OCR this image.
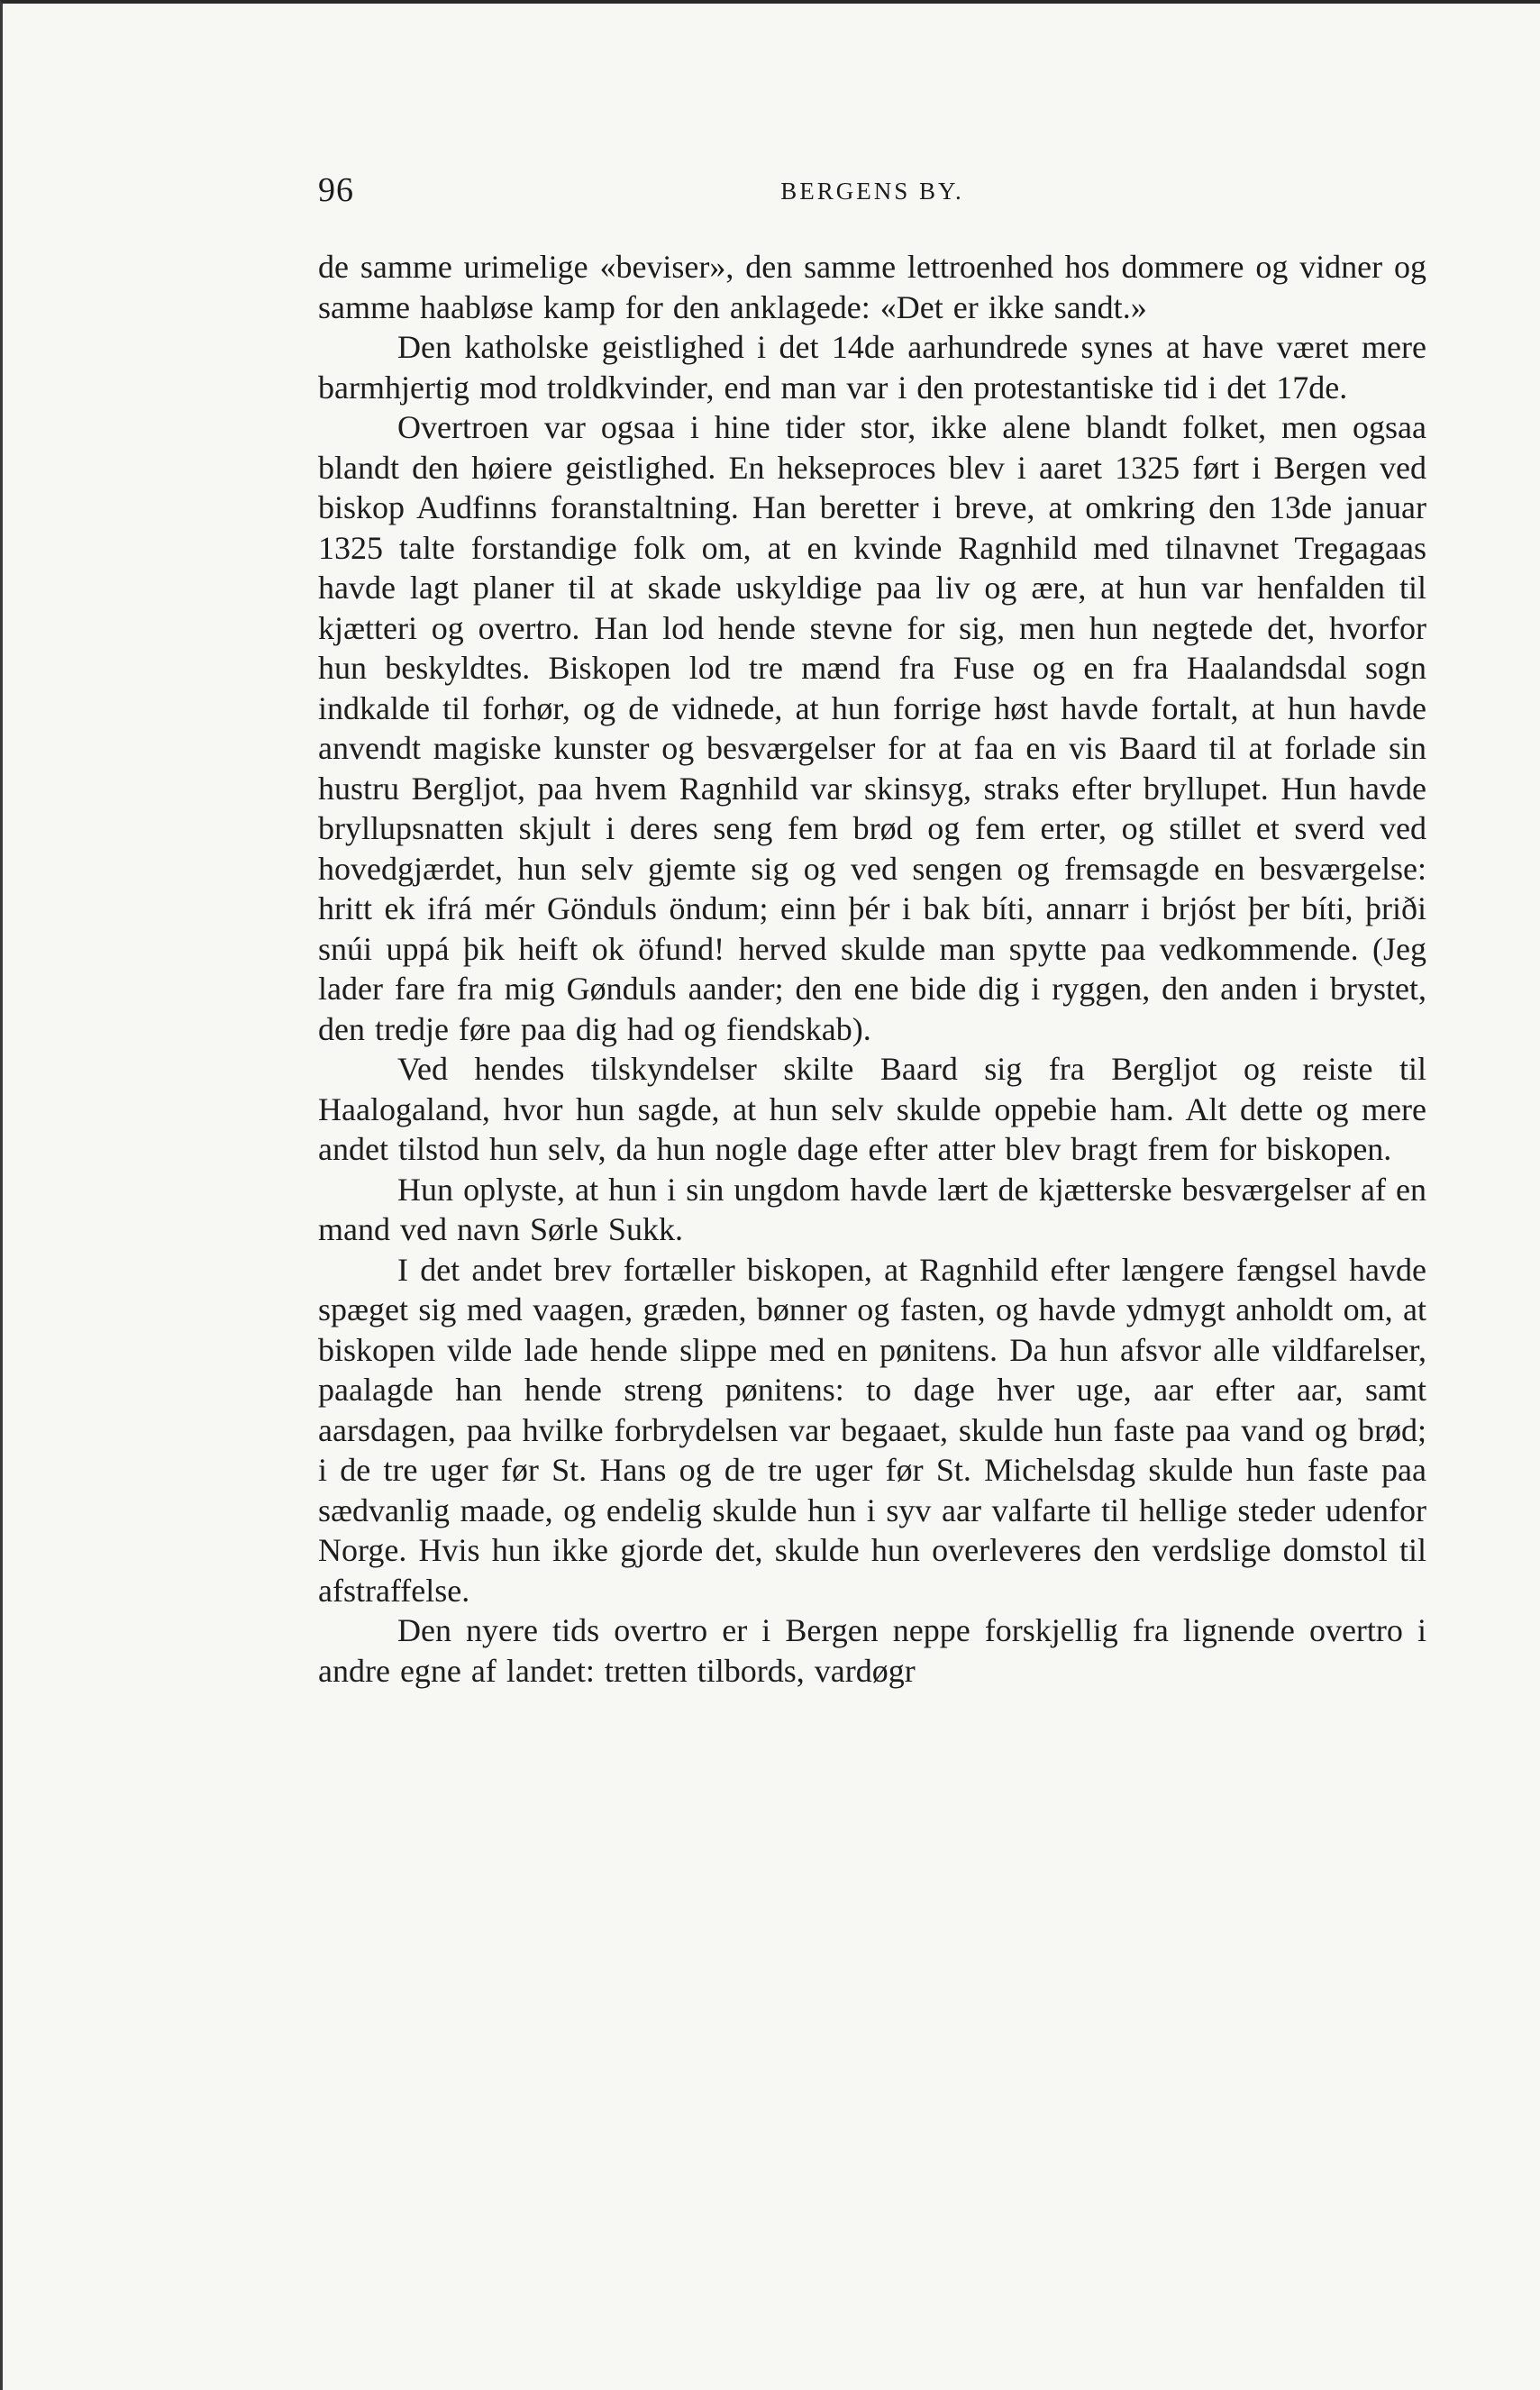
96	BERGENS BY.

de samme urimelige «beviser», den samme lettroenhed hos dommere og vidner og samme haabløse kamp for den anklagede: «Det er ikke sandt.»

Den katholske geistlighed i det 14de aarhundrede synes at have været mere barmhjertig mod troldkvinder, end man var i den protestantiske tid i det 17de.

Overtroen var ogsaa i hine tider stor, ikke alene blandt folket, men ogsaa blandt den høiere geistlighed. En hekseproces blev i aaret 1325 ført i Bergen ved biskop Audfinns foranstaltning. Han beretter i breve, at omkring den 13de januar 1325 talte forstandige folk om, at en kvinde Ragnhild med tilnavnet Tregagaas havde lagt planer til at skade uskyldige paa liv og ære, at hun var henfalden til kjætteri og overtro. Han lod hende stevne for sig, men hun negtede det, hvorfor hun beskyldtes. Biskopen lod tre mænd fra Fuse og en fra Haalandsdal sogn indkalde til forhør, og de vidnede, at hun forrige høst havde fortalt, at hun havde anvendt magiske kunster og besværgelser for at faa en vis Baard til at forlade sin hustru Bergljot, paa hvem Ragnhild var skinsyg, straks efter bryllupet. Hun havde bryllupsnatten skjult i deres seng fem brød og fem erter, og stillet et sverd ved hovedgjærdet, hun selv gjemte sig og ved sengen og fremsagde en besværgelse: hritt ek ifrá mér Gönduls öndum; einn þér i bak bíti, annarr i brjóst þer bíti, þriði snúi uppá þik heift ok öfund! herved skulde man spytte paa vedkommende. (Jeg lader fare fra mig Gønduls aander; den ene bide dig i ryggen, den anden i brystet, den tredje føre paa dig had og fiendskab).

Ved hendes tilskyndelser skilte Baard sig fra Bergljot og reiste til Haalogaland, hvor hun sagde, at hun selv skulde oppebie ham. Alt dette og mere andet tilstod hun selv, da hun nogle dage efter atter blev bragt frem for biskopen.

Hun oplyste, at hun i sin ungdom havde lært de kjætterske besværgelser af en mand ved navn Sørle Sukk.

I det andet brev fortæller biskopen, at Ragnhild efter længere fængsel havde spæget sig med vaagen, græden, bønner og fasten, og havde ydmygt anholdt om, at biskopen vilde lade hende slippe med en pønitens. Da hun afsvor alle vildfarelser, paalagde han hende streng pønitens: to dage hver uge, aar efter aar, samt aarsdagen, paa hvilke forbrydelsen var begaaet, skulde hun faste paa vand og brød; i de tre uger før St. Hans og de tre uger før St. Michelsdag skulde hun faste paa sædvanlig maade, og endelig skulde hun i syv aar valfarte til hellige steder udenfor Norge. Hvis hun ikke gjorde det, skulde hun overleveres den verdslige domstol til afstraffelse.

Den nyere tids overtro er i Bergen neppe forskjellig fra lignende overtro i andre egne af landet: tretten tilbords, vardøgr
